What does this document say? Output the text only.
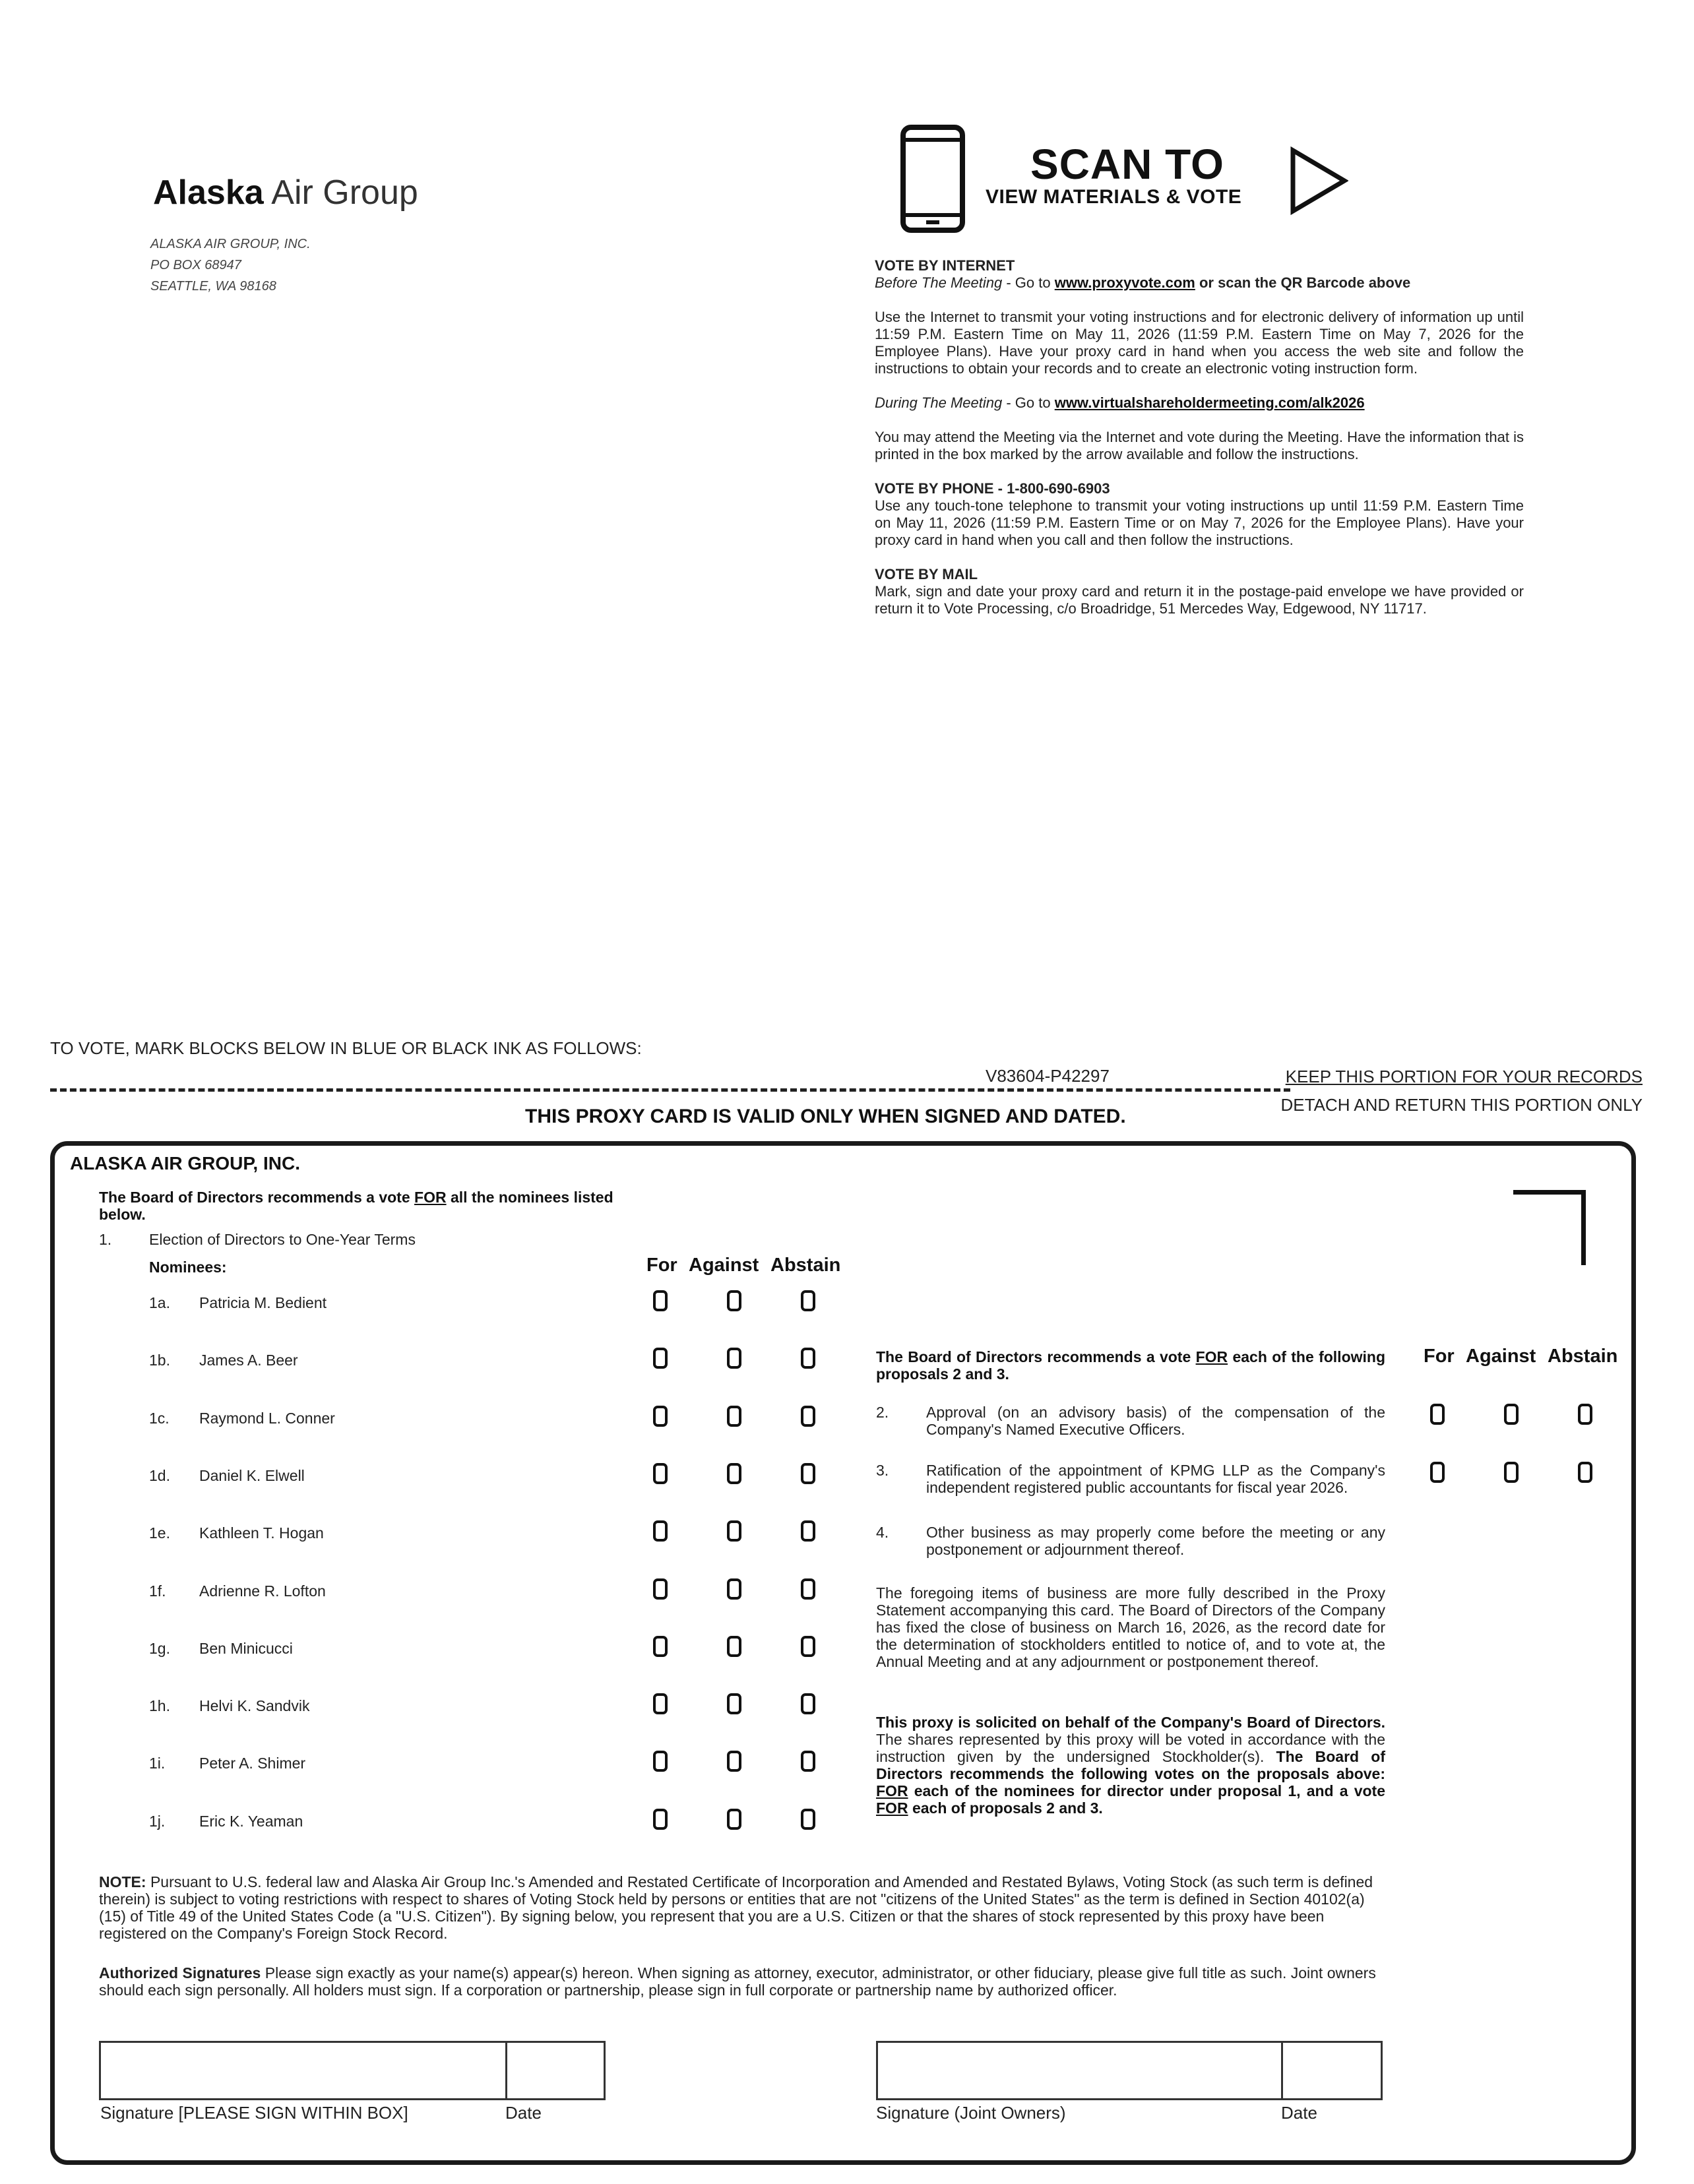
Alaska Air Group
ALASKA AIR GROUP, INC.
PO BOX 68947
SEATTLE, WA 98168
SCAN TO
VIEW MATERIALS & VOTE
VOTE BY INTERNET
Before The Meeting - Go to www.proxyvote.com or scan the QR Barcode above
Use the Internet to transmit your voting instructions and for electronic delivery of information up until 11:59 P.M. Eastern Time on May 11, 2026 (11:59 P.M. Eastern Time on May 7, 2026 for the Employee Plans). Have your proxy card in hand when you access the web site and follow the instructions to obtain your records and to create an electronic voting instruction form.
During The Meeting - Go to www.virtualshareholdermeeting.com/alk2026
You may attend the Meeting via the Internet and vote during the Meeting. Have the information that is printed in the box marked by the arrow available and follow the instructions.
VOTE BY PHONE - 1-800-690-6903
Use any touch-tone telephone to transmit your voting instructions up until 11:59 P.M. Eastern Time on May 11, 2026 (11:59 P.M. Eastern Time or on May 7, 2026 for the Employee Plans). Have your proxy card in hand when you call and then follow the instructions.
VOTE BY MAIL
Mark, sign and date your proxy card and return it in the postage-paid envelope we have provided or return it to Vote Processing, c/o Broadridge, 51 Mercedes Way, Edgewood, NY 11717.
TO VOTE, MARK BLOCKS BELOW IN BLUE OR BLACK INK AS FOLLOWS:
V83604-P42297	KEEP THIS PORTION FOR YOUR RECORDS
DETACH AND RETURN THIS PORTION ONLY
THIS PROXY CARD IS VALID ONLY WHEN SIGNED AND DATED.
ALASKA AIR GROUP, INC.
The Board of Directors recommends a vote FOR all the nominees listed below.
1. Election of Directors to One-Year Terms
Nominees:	For Against Abstain
1a. Patricia M. Bedient
1b. James A. Beer
1c. Raymond L. Conner
1d. Daniel K. Elwell
1e. Kathleen T. Hogan
1f. Adrienne R. Lofton
1g. Ben Minicucci
1h. Helvi K. Sandvik
1i. Peter A. Shimer
1j. Eric K. Yeaman
The Board of Directors recommends a vote FOR each of the following proposals 2 and 3.
For Against Abstain
2. Approval (on an advisory basis) of the compensation of the Company's Named Executive Officers.
3. Ratification of the appointment of KPMG LLP as the Company's independent registered public accountants for fiscal year 2026.
4. Other business as may properly come before the meeting or any postponement or adjournment thereof.
The foregoing items of business are more fully described in the Proxy Statement accompanying this card. The Board of Directors of the Company has fixed the close of business on March 16, 2026, as the record date for the determination of stockholders entitled to notice of, and to vote at, the Annual Meeting and at any adjournment or postponement thereof.
This proxy is solicited on behalf of the Company's Board of Directors. The shares represented by this proxy will be voted in accordance with the instruction given by the undersigned Stockholder(s). The Board of Directors recommends the following votes on the proposals above: FOR each of the nominees for director under proposal 1, and a vote FOR each of proposals 2 and 3.
NOTE: Pursuant to U.S. federal law and Alaska Air Group Inc.'s Amended and Restated Certificate of Incorporation and Amended and Restated Bylaws, Voting Stock (as such term is defined therein) is subject to voting restrictions with respect to shares of Voting Stock held by persons or entities that are not "citizens of the United States" as the term is defined in Section 40102(a)(15) of Title 49 of the United States Code (a "U.S. Citizen"). By signing below, you represent that you are a U.S. Citizen or that the shares of stock represented by this proxy have been registered on the Company's Foreign Stock Record.
Authorized Signatures Please sign exactly as your name(s) appear(s) hereon. When signing as attorney, executor, administrator, or other fiduciary, please give full title as such. Joint owners should each sign personally. All holders must sign. If a corporation or partnership, please sign in full corporate or partnership name by authorized officer.
Signature [PLEASE SIGN WITHIN BOX]	Date	Signature (Joint Owners)	Date
